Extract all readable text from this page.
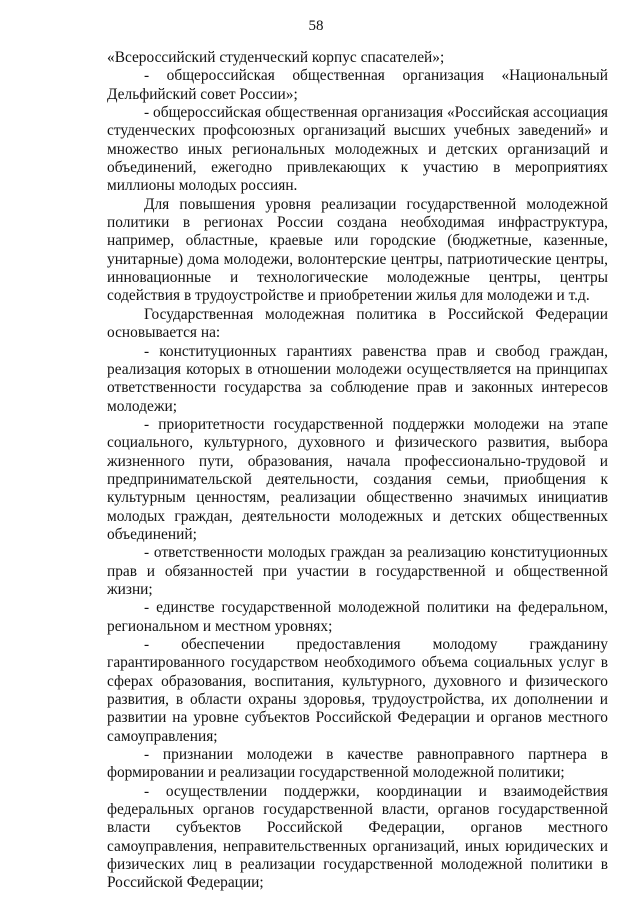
58

«Всероссийский студенческий корпус спасателей»;

- общероссийская общественная организация «Национальный Дельфийский совет России»;

- общероссийская общественная организация «Российская ассоциация студенческих профсоюзных организаций высших учебных заведений» и множество иных региональных молодежных и детских организаций и объединений, ежегодно привлекающих к участию в мероприятиях миллионы молодых россиян.

Для повышения уровня реализации государственной молодежной политики в регионах России создана необходимая инфраструктура, например, областные, краевые или городские (бюджетные, казенные, унитарные) дома молодежи, волонтерские центры, патриотические центры, инновационные и технологические молодежные центры, центры содействия в трудоустройстве и приобретении жилья для молодежи и т.д.

Государственная молодежная политика в Российской Федерации основывается на:

- конституционных гарантиях равенства прав и свобод граждан, реализация которых в отношении молодежи осуществляется на принципах ответственности государства за соблюдение прав и законных интересов молодежи;

- приоритетности государственной поддержки молодежи на этапе социального, культурного, духовного и физического развития, выбора жизненного пути, образования, начала профессионально-трудовой и предпринимательской деятельности, создания семьи, приобщения к культурным ценностям, реализации общественно значимых инициатив молодых граждан, деятельности молодежных и детских общественных объединений;

- ответственности молодых граждан за реализацию конституционных прав и обязанностей при участии в государственной и общественной жизни;

- единстве государственной молодежной политики на федеральном, региональном и местном уровнях;

- обеспечении предоставления молодому гражданину гарантированного государством необходимого объема социальных услуг в сферах образования, воспитания, культурного, духовного и физического развития, в области охраны здоровья, трудоустройства, их дополнении и развитии на уровне субъектов Российской Федерации и органов местного самоуправления;

- признании молодежи в качестве равноправного партнера в формировании и реализации государственной молодежной политики;

- осуществлении поддержки, координации и взаимодействия федеральных органов государственной власти, органов государственной власти субъектов Российской Федерации, органов местного самоуправления, неправительственных организаций, иных юридических и физических лиц в реализации государственной молодежной политики в Российской Федерации;
